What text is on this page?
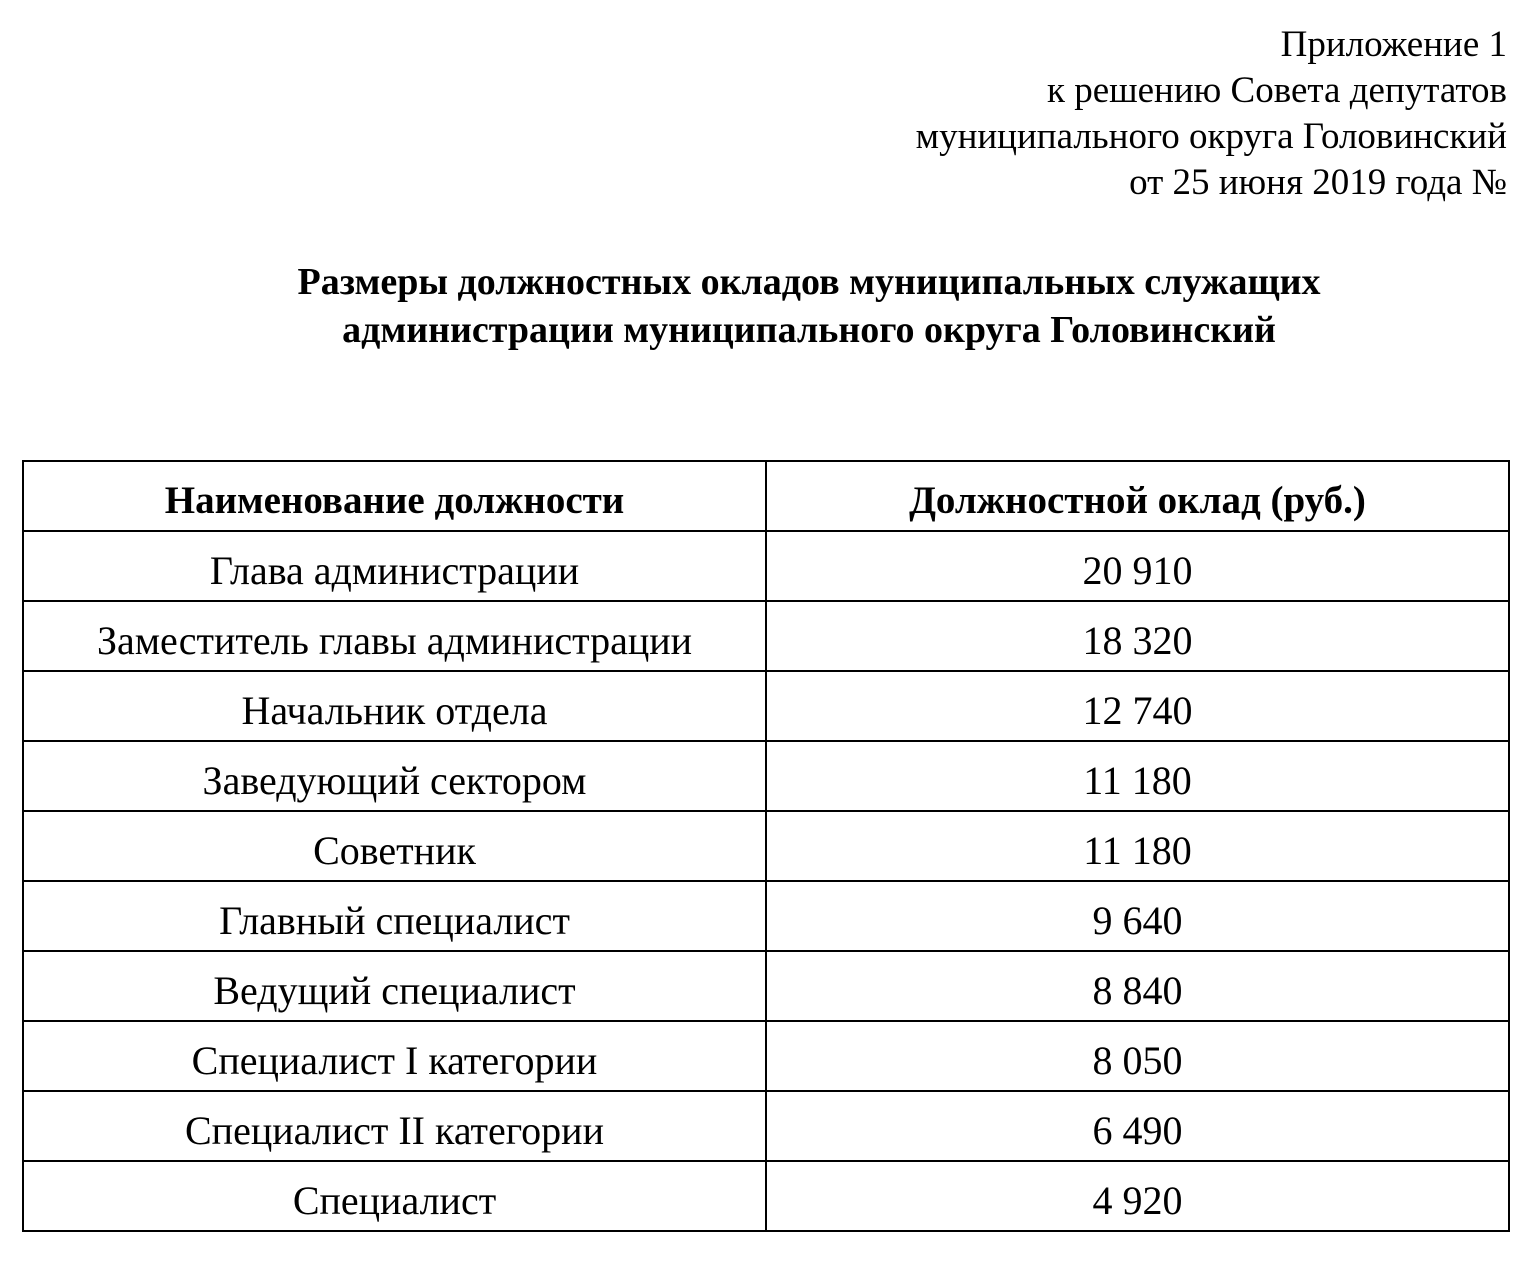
Приложение 1
к решению Совета депутатов
муниципального округа Головинский
от 25 июня 2019 года №
Размеры должностных окладов муниципальных служащих
администрации муниципального округа Головинский
Наименование должности	Должностной оклад (руб.)

Глава администрации	20 910

Заместитель главы администрации	18 320

Начальник отдела	12 740

Заведующий сектором	11 180

Советник	11 180

Главный специалист	9 640

Ведущий специалист	8 840

Специалист I категории	8 050

Специалист II категории	6 490

Специалист	4 920
